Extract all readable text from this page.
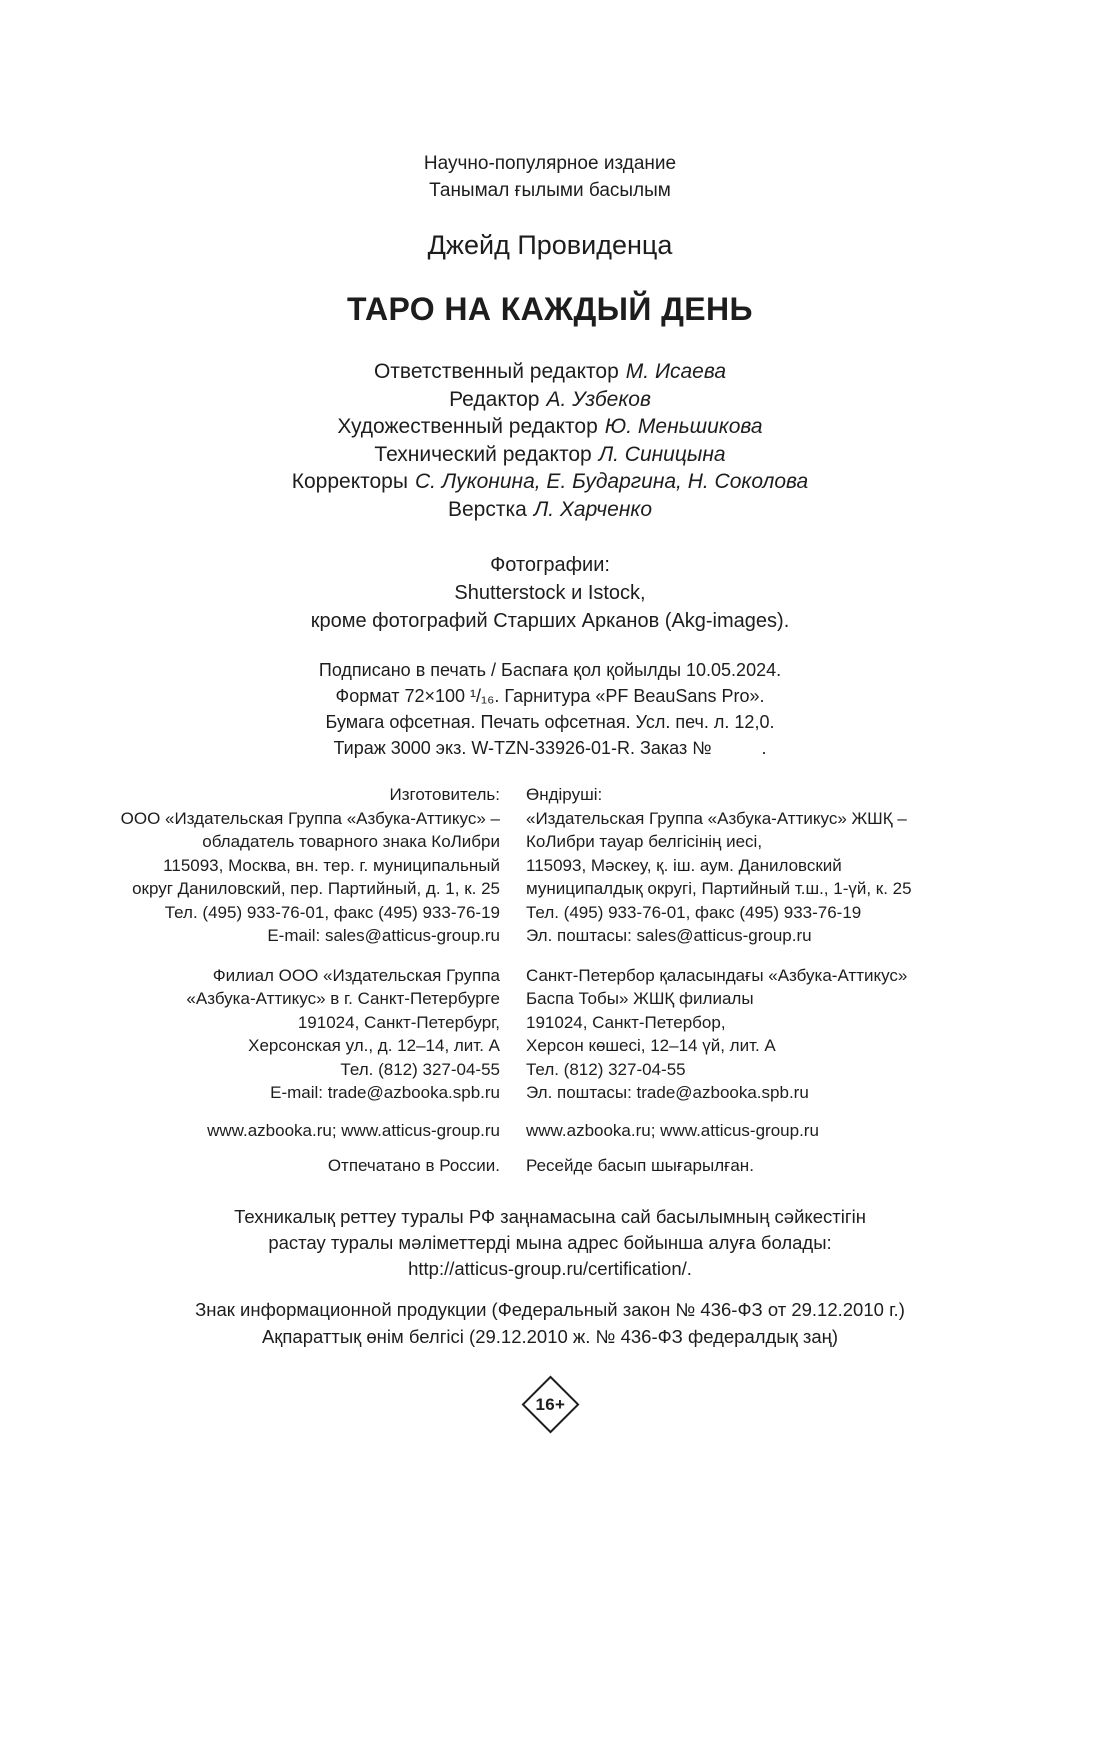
Научно-популярное издание
Танымал ғылыми басылым
Джейд Провиденца
ТАРО НА КАЖДЫЙ ДЕНЬ
Ответственный редактор М. Исаева
Редактор А. Узбеков
Художественный редактор Ю. Меньшикова
Технический редактор Л. Синицына
Корректоры С. Луконина, Е. Бударгина, Н. Соколова
Верстка Л. Харченко
Фотографии:
Shutterstock и Istock,
кроме фотографий Старших Арканов (Akg-images).
Подписано в печать / Баспаға қол қойылды 10.05.2024.
Формат 72×100 ¹/₁₆. Гарнитура «PF BeauSans Pro».
Бумага офсетная. Печать офсетная. Усл. печ. л. 12,0.
Тираж 3000 экз. W-TZN-33926-01-R. Заказ №          .
Изготовитель:
ООО «Издательская Группа «Азбука-Аттикус» –
обладатель товарного знака КоЛибри
115093, Москва, вн. тер. г. муниципальный
округ Даниловский, пер. Партийный, д. 1, к. 25
Тел. (495) 933-76-01, факс (495) 933-76-19
E-mail: sales@atticus-group.ru
Өндіруші:
«Издательская Группа «Азбука-Аттикус» ЖШҚ –
КоЛибри тауар белгісінің иесі,
115093, Мәскеу, қ. іш. аум. Даниловский
муниципалдық округі, Партийный т.ш., 1-үй, к. 25
Тел. (495) 933-76-01, факс (495) 933-76-19
Эл. поштасы: sales@atticus-group.ru
Филиал ООО «Издательская Группа
«Азбука-Аттикус» в г. Санкт-Петербурге
191024, Санкт-Петербург,
Херсонская ул., д. 12–14, лит. А
Тел. (812) 327-04-55
E-mail: trade@azbooka.spb.ru
Санкт-Петербор қаласындағы «Азбука-Аттикус»
Баспа Тобы» ЖШҚ филиалы
191024, Санкт-Петербор,
Херсон көшесі, 12–14 үй, лит. А
Тел. (812) 327-04-55
Эл. поштасы: trade@azbooka.spb.ru
www.azbooka.ru; www.atticus-group.ru www.azbooka.ru; www.atticus-group.ru
Отпечатано в России. Ресейде басып шығарылған.
Техникалық реттеу туралы РФ заңнамасына сай басылымның сәйкестігін
растау туралы мәліметтерді мына адрес бойынша алуға болады:
http://atticus-group.ru/certification/.
Знак информационной продукции (Федеральный закон № 436-ФЗ от 29.12.2010 г.)
Ақпараттық өнім белгісі (29.12.2010 ж. № 436-ФЗ федералдық заң)
16+
